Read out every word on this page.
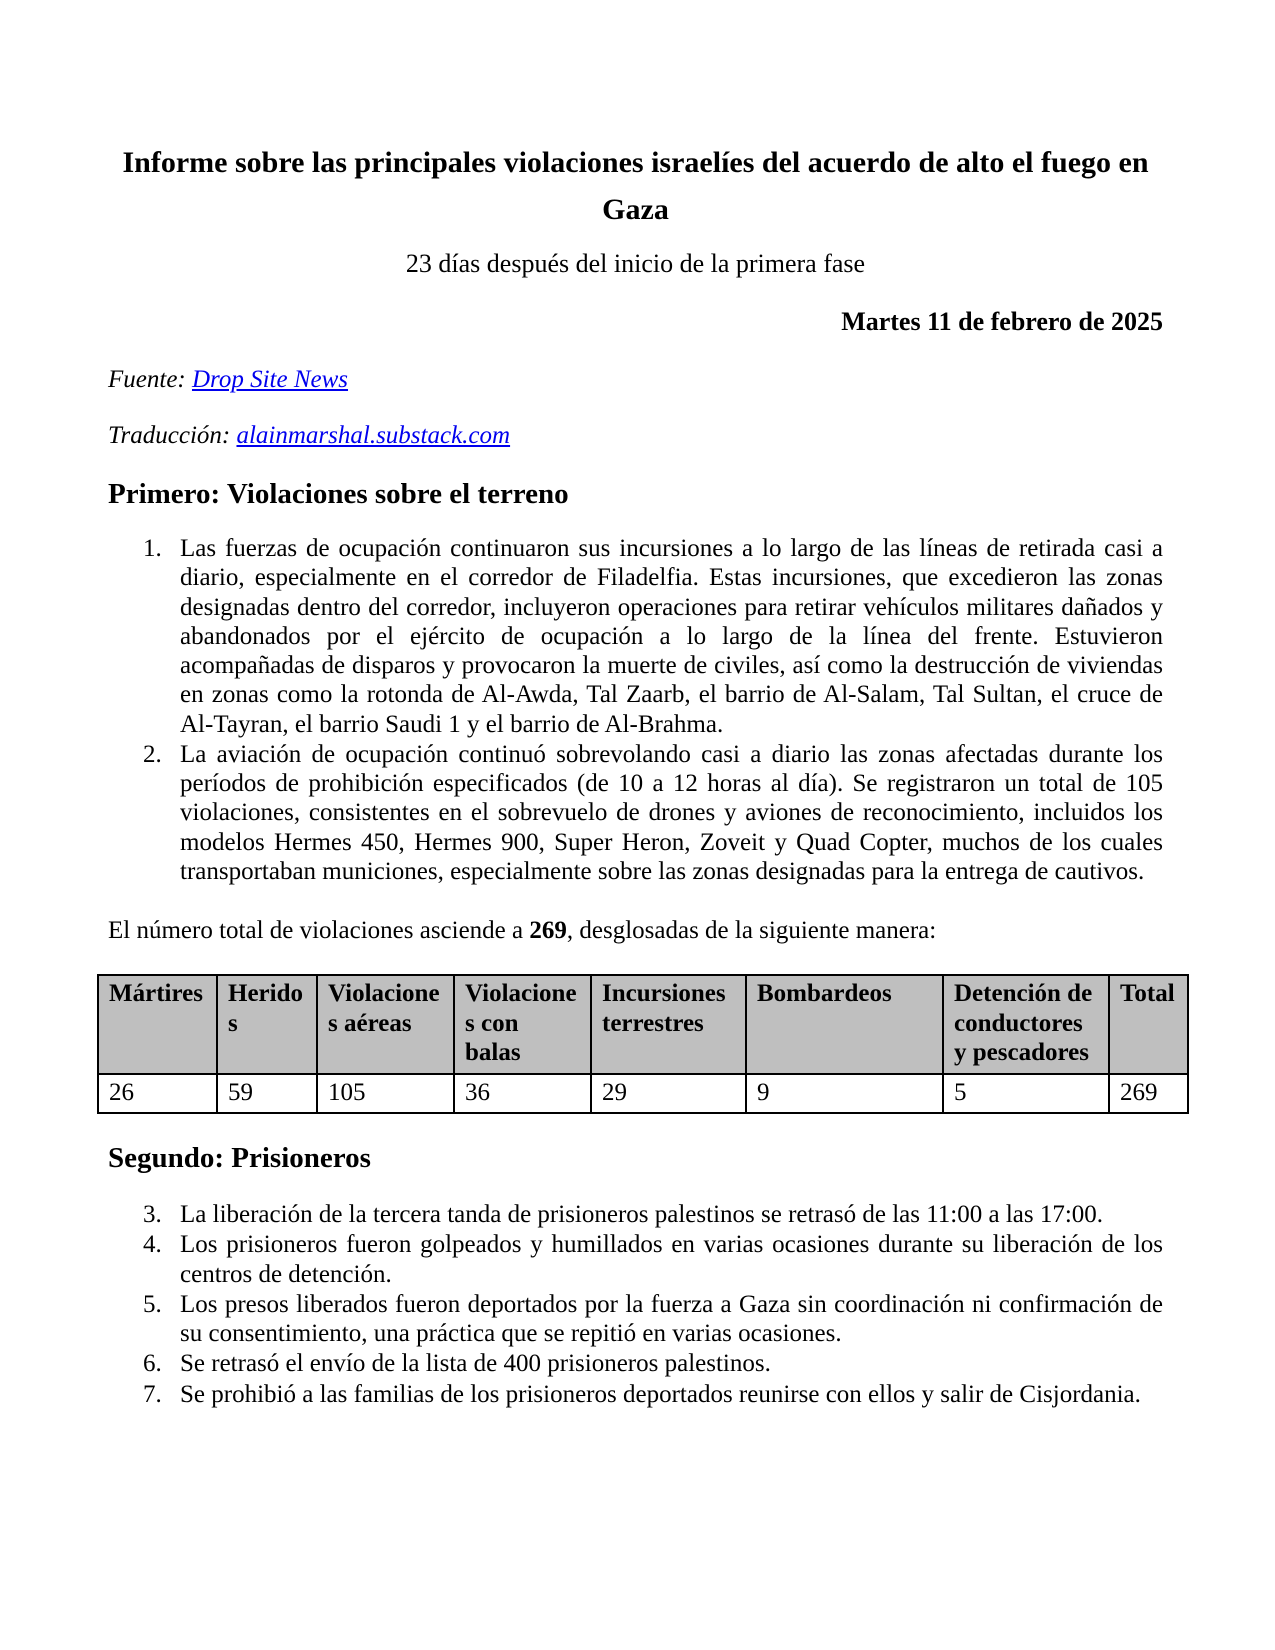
Informe sobre las principales violaciones israelíes del acuerdo de alto el fuego en Gaza

23 días después del inicio de la primera fase

Martes 11 de febrero de 2025

Fuente: Drop Site News

Traducción: alainmarshal.substack.com

Primero: Violaciones sobre el terreno
1. Las fuerzas de ocupación continuaron sus incursiones a lo largo de las líneas de retirada casi a diario, especialmente en el corredor de Filadelfia. Estas incursiones, que excedieron las zonas designadas dentro del corredor, incluyeron operaciones para retirar vehículos militares dañados y abandonados por el ejército de ocupación a lo largo de la línea del frente. Estuvieron acompañadas de disparos y provocaron la muerte de civiles, así como la destrucción de viviendas en zonas como la rotonda de Al-Awda, Tal Zaarb, el barrio de Al-Salam, Tal Sultan, el cruce de Al-Tayran, el barrio Saudi 1 y el barrio de Al-Brahma.
2. La aviación de ocupación continuó sobrevolando casi a diario las zonas afectadas durante los períodos de prohibición especificados (de 10 a 12 horas al día). Se registraron un total de 105 violaciones, consistentes en el sobrevuelo de drones y aviones de reconocimiento, incluidos los modelos Hermes 450, Hermes 900, Super Heron, Zoveit y Quad Copter, muchos de los cuales transportaban municiones, especialmente sobre las zonas designadas para la entrega de cautivos.

El número total de violaciones asciende a 269, desglosadas de la siguiente manera:

Mártires	Heridos	Violaciones aéreas	Violaciones con balas	Incursiones terrestres	Bombardeos	Detención de conductores y pescadores	Total
26	59	105	36	29	9	5	269
Segundo: Prisioneros
3. La liberación de la tercera tanda de prisioneros palestinos se retrasó de las 11:00 a las 17:00.
4. Los prisioneros fueron golpeados y humillados en varias ocasiones durante su liberación de los centros de detención.
5. Los presos liberados fueron deportados por la fuerza a Gaza sin coordinación ni confirmación de su consentimiento, una práctica que se repitió en varias ocasiones.
6. Se retrasó el envío de la lista de 400 prisioneros palestinos.
7. Se prohibió a las familias de los prisioneros deportados reunirse con ellos y salir de Cisjordania.
